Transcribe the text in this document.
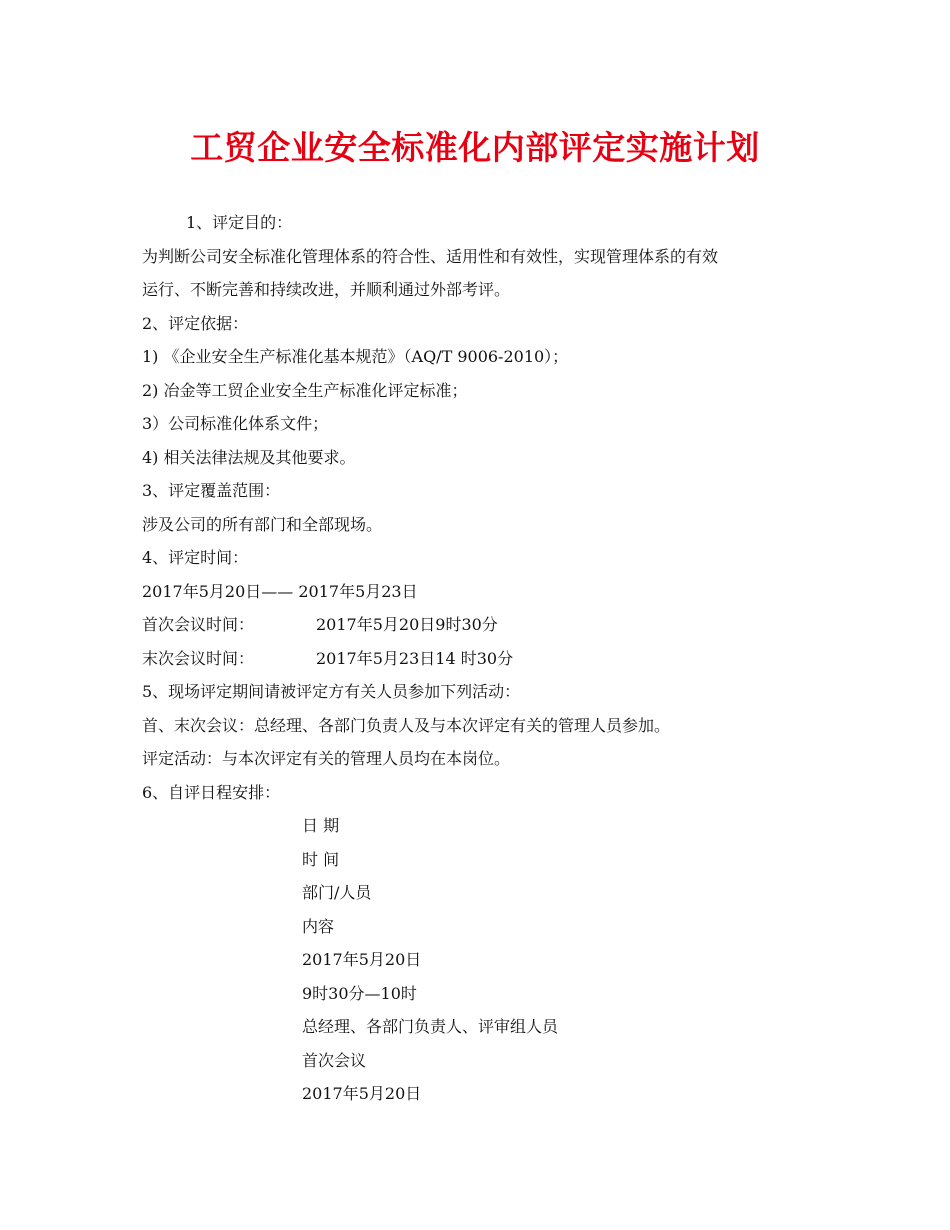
工贸企业安全标准化内部评定实施计划

1、评定目的：

为判断公司安全标准化管理体系的符合性、适用性和有效性，实现管理体系的有效

运行、不断完善和持续改进，并顺利通过外部考评。

2、评定依据：

1) 《企业安全生产标准化基本规范》（AQ/T 9006-2010）；

2) 冶金等工贸企业安全生产标准化评定标准；

3）公司标准化体系文件；

4) 相关法律法规及其他要求。

3、评定覆盖范围：

涉及公司的所有部门和全部现场。

4、评定时间：

2017年5月20日—— 2017年5月23日

首次会议时间：	2017年5月20日9时30分

末次会议时间：	2017年5月23日14 时30分

5、现场评定期间请被评定方有关人员参加下列活动：

首、末次会议：总经理、各部门负责人及与本次评定有关的管理人员参加。

评定活动：与本次评定有关的管理人员均在本岗位。

6、自评日程安排：

日 期

时 间

部门/人员

内容

2017年5月20日

9时30分—10时

总经理、各部门负责人、评审组人员

首次会议

2017年5月20日
